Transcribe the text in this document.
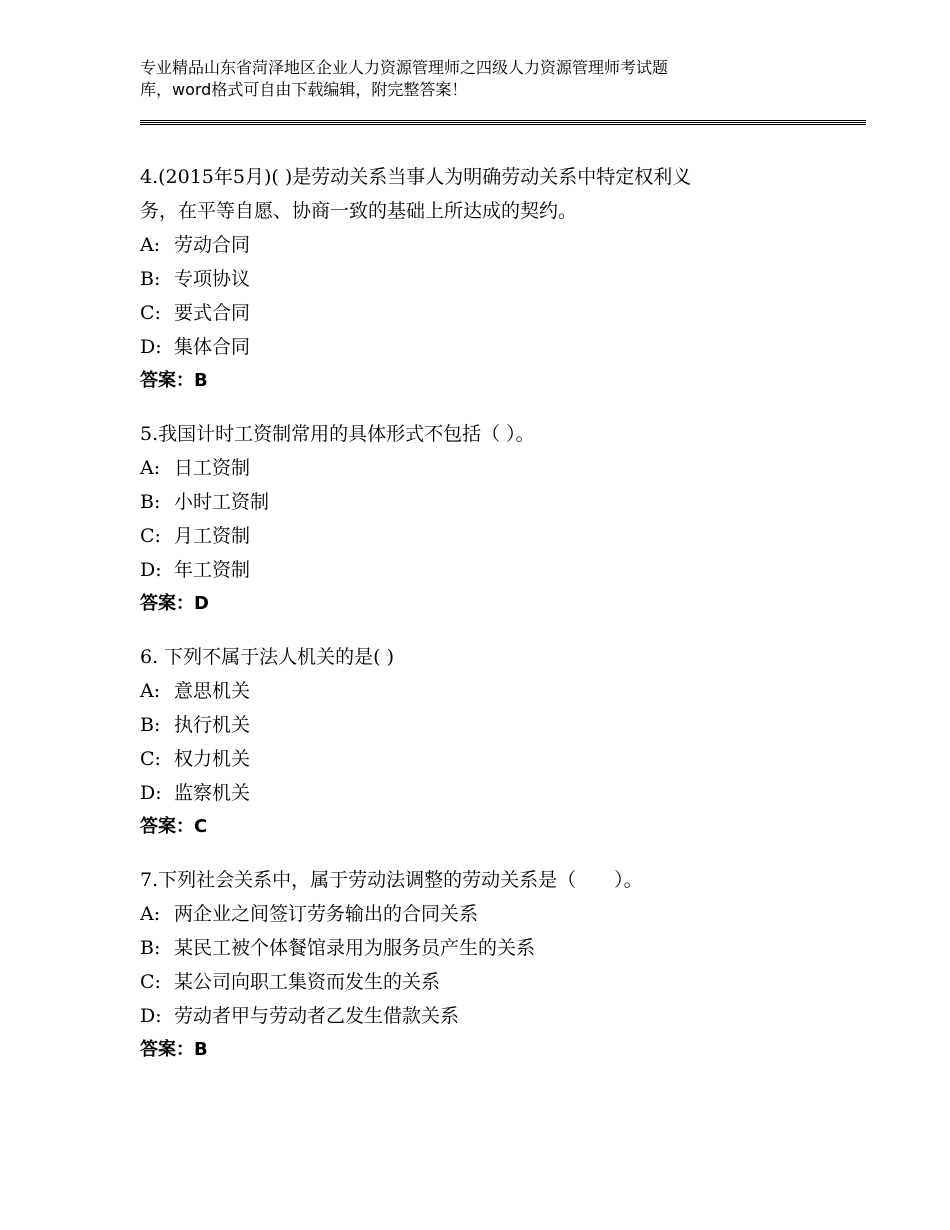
专业精品山东省菏泽地区企业人力资源管理师之四级人力资源管理师考试题
库，word格式可自由下载编辑，附完整答案！
4.(2015年5月)( )是劳动关系当事人为明确劳动关系中特定权利义
务，在平等自愿、协商一致的基础上所达成的契约。
A: 劳动合同
B: 专项协议
C: 要式合同
D: 集体合同
答案：B
5.我国计时工资制常用的具体形式不包括（ ）。
A: 日工资制
B: 小时工资制
C: 月工资制
D: 年工资制
答案：D
6. 下列不属于法人机关的是( )
A: 意思机关
B: 执行机关
C: 权力机关
D: 监察机关
答案：C
7.下列社会关系中，属于劳动法调整的劳动关系是（　　）。
A: 两企业之间签订劳务输出的合同关系
B: 某民工被个体餐馆录用为服务员产生的关系
C: 某公司向职工集资而发生的关系
D: 劳动者甲与劳动者乙发生借款关系
答案：B
